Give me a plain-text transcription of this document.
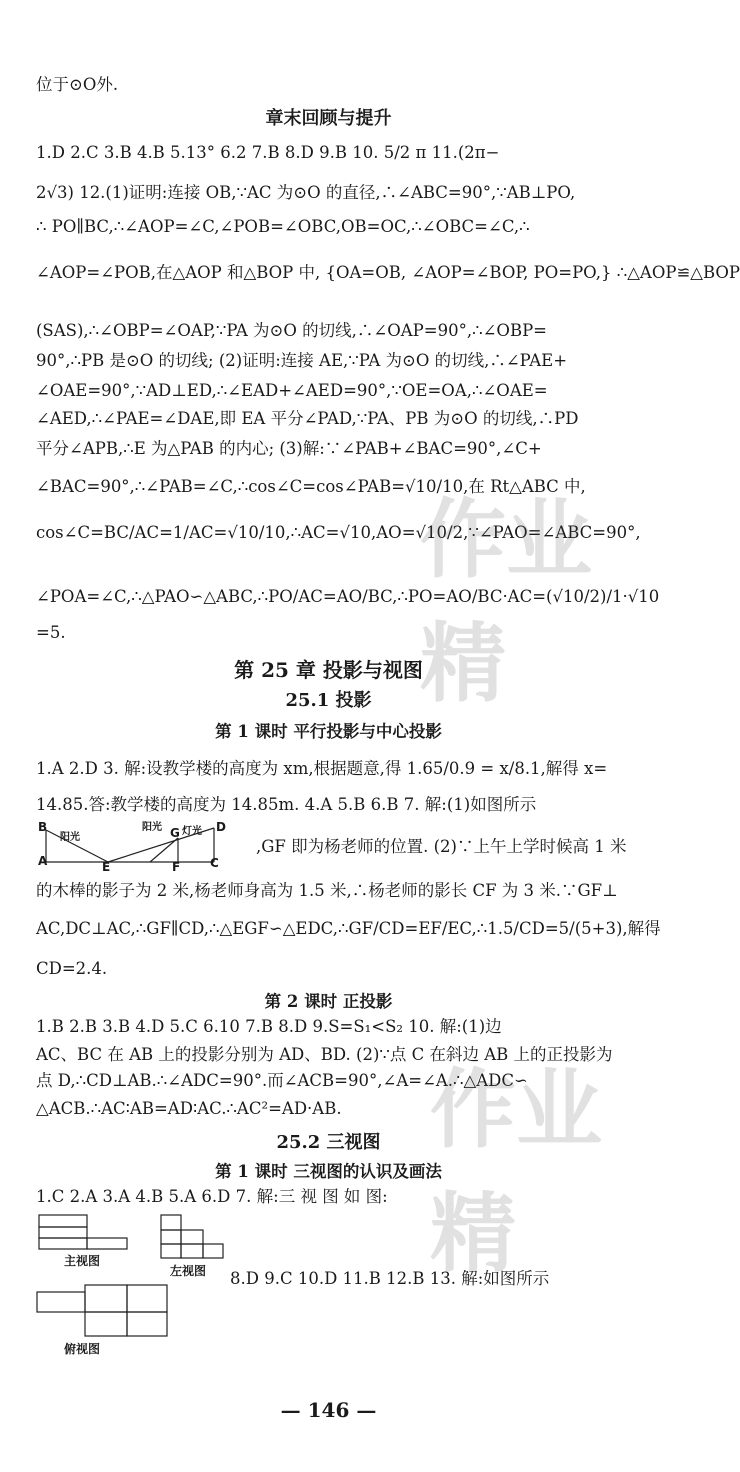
位于⊙O外.
章末回顾与提升
1.D 2.C 3.B 4.B 5.13° 6.2 7.B 8.D 9.B 10. 5/2 π 11.(2π−
2√3) 12.(1)证明:连接 OB,∵AC 为⊙O 的直径,∴∠ABC=90°,∵AB⊥PO,
∴ PO∥BC,∴∠AOP=∠C,∠POB=∠OBC,OB=OC,∴∠OBC=∠C,∴
∠AOP=∠POB,在△AOP 和△BOP 中, {OA=OB, ∠AOP=∠BOP, PO=PO,} ∴△AOP≌△BOP
(SAS),∴∠OBP=∠OAP,∵PA 为⊙O 的切线,∴∠OAP=90°,∴∠OBP=
90°,∴PB 是⊙O 的切线; (2)证明:连接 AE,∵PA 为⊙O 的切线,∴∠PAE+
∠OAE=90°,∵AD⊥ED,∴∠EAD+∠AED=90°,∵OE=OA,∴∠OAE=
∠AED,∴∠PAE=∠DAE,即 EA 平分∠PAD,∵PA、PB 为⊙O 的切线,∴PD
平分∠APB,∴E 为△PAB 的内心; (3)解:∵∠PAB+∠BAC=90°,∠C+
∠BAC=90°,∴∠PAB=∠C,∴cos∠C=cos∠PAB=√10/10,在 Rt△ABC 中,
cos∠C=BC/AC=1/AC=√10/10,∴AC=√10,AO=√10/2,∵∠PAO=∠ABC=90°,
∠POA=∠C,∴△PAO∽△ABC,∴PO/AC=AO/BC,∴PO=AO/BC·AC=(√10/2)/1·√10
=5.
第 25 章 投影与视图
25.1 投影
第 1 课时 平行投影与中心投影
1.A 2.D 3. 解:设教学楼的高度为 xm,根据题意,得 1.65/0.9 = x/8.1,解得 x=
14.85.答:教学楼的高度为 14.85m. 4.A 5.B 6.B 7. 解:(1)如图所示
,GF 即为杨老师的位置. (2)∵上午上学时候高 1 米
的木棒的影子为 2 米,杨老师身高为 1.5 米,∴杨老师的影长 CF 为 3 米.∵GF⊥
AC,DC⊥AC,∴GF∥CD,∴△EGF∽△EDC,∴GF/CD=EF/EC,∴1.5/CD=5/(5+3),解得
CD=2.4.
B
A	E
G
F
D
C
阳光
阳光 灯光
第 2 课时 正投影
1.B 2.B 3.B 4.D 5.C 6.10 7.B 8.D 9.S=S₁<S₂ 10. 解:(1)边
AC、BC 在 AB 上的投影分别为 AD、BD. (2)∵点 C 在斜边 AB 上的正投影为
点 D,∴CD⊥AB.∴∠ADC=90°.而∠ACB=90°,∠A=∠A.∴△ADC∽
△ACB.∴AC∶AB=AD∶AC.∴AC²=AD·AB.
25.2 三视图
第 1 课时 三视图的认识及画法
1.C 2.A 3.A 4.B 5.A 6.D 7. 解:三 视 图 如 图:
主视图
左视图
俯视图
8.D 9.C 10.D 11.B 12.B 13. 解:如图所示
— 146 —
作业精
作业精
